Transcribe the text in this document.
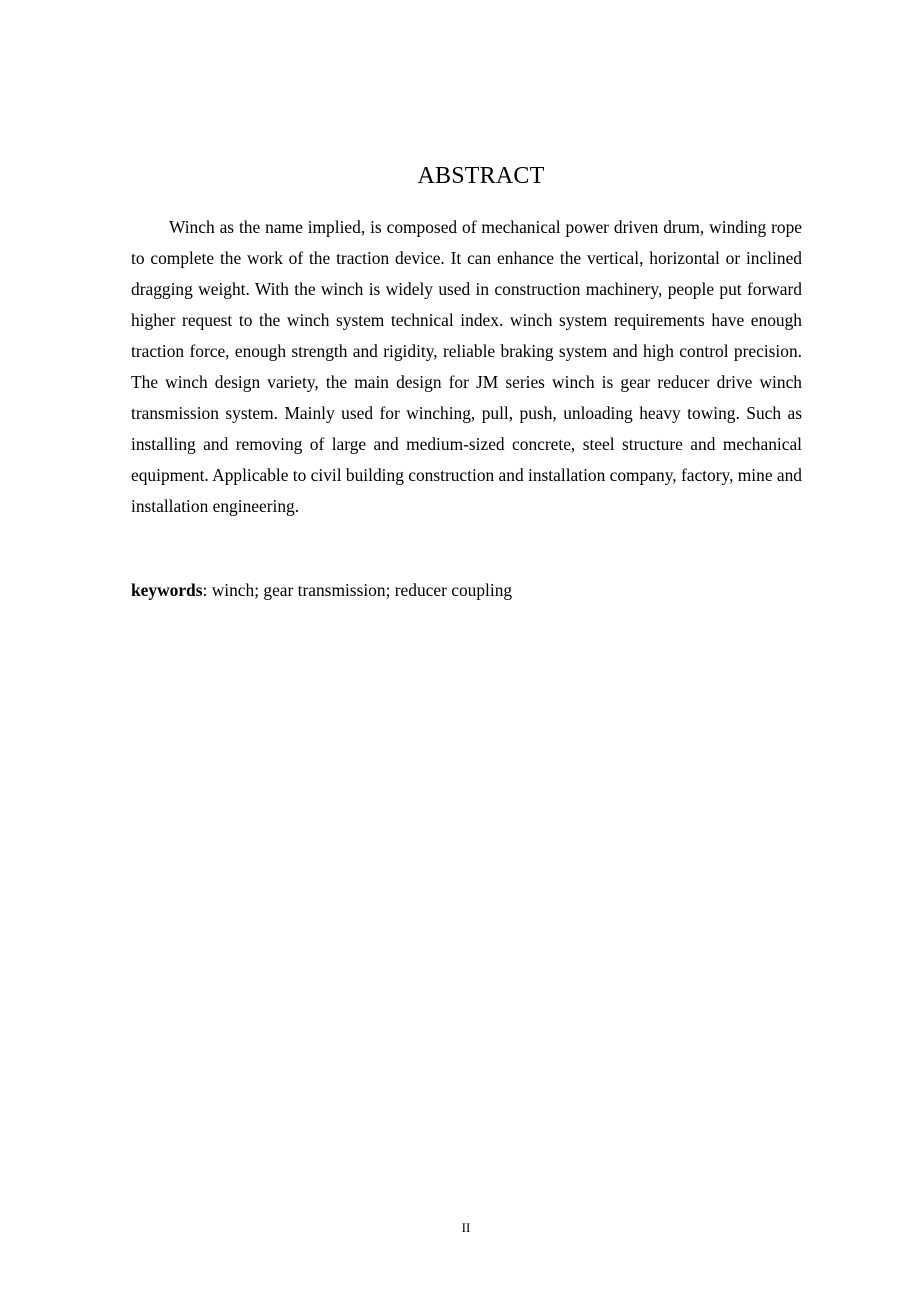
ABSTRACT

Winch as the name implied, is composed of mechanical power driven drum, winding rope to complete the work of the traction device. It can enhance the vertical, horizontal or inclined dragging weight. With the winch is widely used in construction machinery, people put forward higher request to the winch system technical index. winch system requirements have enough traction force, enough strength and rigidity, reliable braking system and high control precision. The winch design variety, the main design for JM series winch is gear reducer drive winch transmission system. Mainly used for winching, pull, push, unloading heavy towing. Such as installing and removing of large and medium-sized concrete, steel structure and mechanical equipment. Applicable to civil building construction and installation company, factory, mine and installation engineering.

keywords: winch; gear transmission; reducer coupling

II
